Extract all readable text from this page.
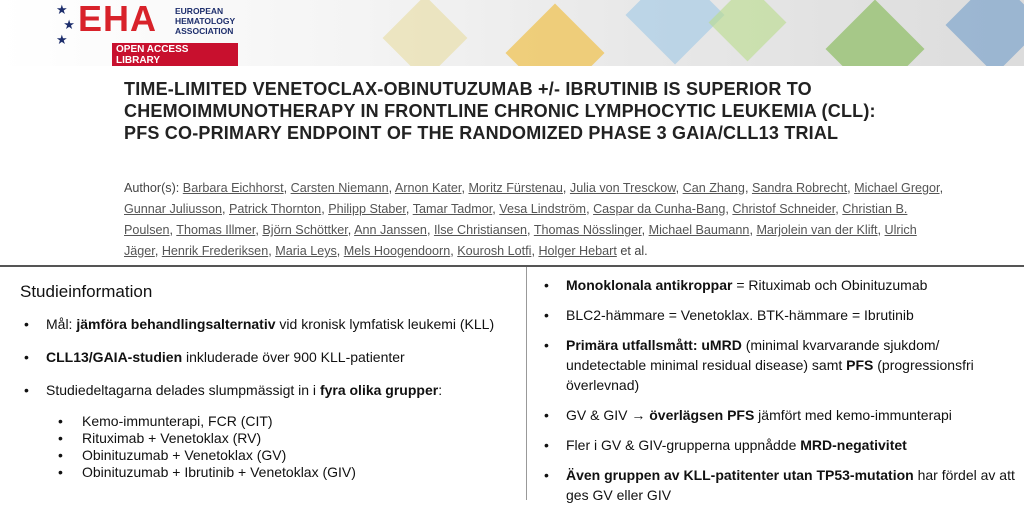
★
★
★
EHA EUROPEAN
HEMATOLOGY
ASSOCIATION
OPEN ACCESS LIBRARY
TIME-LIMITED VENETOCLAX-OBINUTUZUMAB +/- IBRUTINIB IS SUPERIOR TO CHEMOIMMUNOTHERAPY IN FRONTLINE CHRONIC LYMPHOCYTIC LEUKEMIA (CLL): PFS CO-PRIMARY ENDPOINT OF THE RANDOMIZED PHASE 3 GAIA/CLL13 TRIAL
Author(s): Barbara Eichhorst, Carsten Niemann, Arnon Kater, Moritz Fürstenau, Julia von Tresckow, Can Zhang, Sandra Robrecht, Michael Gregor, Gunnar Juliusson, Patrick Thornton, Philipp Staber, Tamar Tadmor, Vesa Lindström, Caspar da Cunha-Bang, Christof Schneider, Christian B. Poulsen, Thomas Illmer, Björn Schöttker, Ann Janssen, Ilse Christiansen, Thomas Nösslinger, Michael Baumann, Marjolein van der Klift, Ulrich Jäger, Henrik Frederiksen, Maria Leys, Mels Hoogendoorn, Kourosh Lotfi, Holger Hebart et al.
Studieinformation
• Mål: jämföra behandlingsalternativ vid kronisk lymfatisk leukemi (KLL)
• CLL13/GAIA-studien inkluderade över 900 KLL-patienter
• Studiedeltagarna delades slumpmässigt in i fyra olika grupper:
• Kemo-immunterapi, FCR (CIT)
• Rituximab + Venetoklax (RV)
• Obinituzumab + Venetoklax (GV)
• Obinituzumab + Ibrutinib + Venetoklax (GIV)
• Monoklonala antikroppar = Rituximab och Obinituzumab
• BLC2-hämmare = Venetoklax. BTK-hämmare = Ibrutinib
• Primära utfallsmått: uMRD (minimal kvarvarande sjukdom/ undetectable minimal residual disease) samt PFS (progressionsfri överlevnad)
• GV & GIV → överlägsen PFS jämfört med kemo-immunterapi
• Fler i GV & GIV-grupperna uppnådde MRD-negativitet
• Även gruppen av KLL-patitenter utan TP53-mutation har fördel av att ges GV eller GIV
